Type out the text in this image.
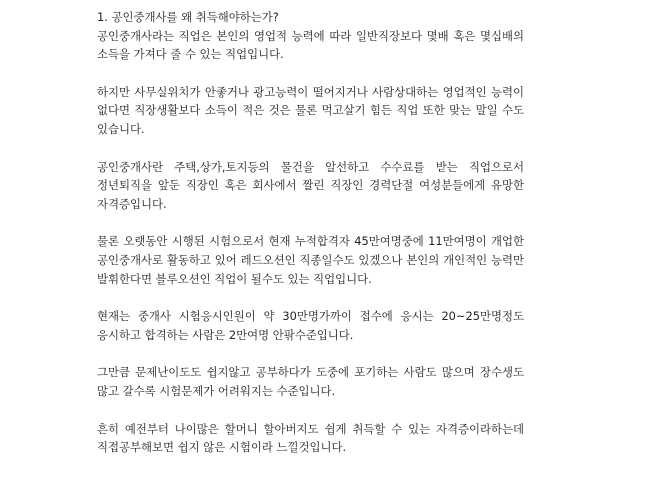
1. 공인중개사를 왜 취득해야하는가?

공인중개사라는 직업은 본인의 영업적 능력에 따라 일반직장보다 몇배 혹은 몇십배의 소득을 가져다 줄 수 있는 직업입니다.

하지만 사무실위치가 안좋거나 광고능력이 떨어지거나 사람상대하는 영업적인 능력이 없다면 직장생활보다 소득이 적은 것은 물론 먹고살기 힘든 직업 또한 맞는 말일 수도 있습니다.

공인중개사란 주택,상가,토지등의 물건을 알선하고 수수료를 받는 직업으로서 정년퇴직을 앞둔 직장인 혹은 회사에서 짤린 직장인 경력단절 여성분들에게 유망한 자격증입니다.

물론 오랫동안 시행된 시험으로서 현재 누적합격자 45만여명중에 11만여명이 개업한 공인중개사로 활동하고 있어 레드오션인 직종일수도 있겠으나 본인의 개인적인 능력만 발휘한다면 블루오션인 직업이 될수도 있는 직업입니다.

현재는 중개사 시험응시인원이 약 30만명가까이 접수에 응시는 20~25만명정도 응시하고 합격하는 사람은 2만여명 안팎수준입니다.

그만큼 문제난이도도 쉽지않고 공부하다가 도중에 포기하는 사람도 많으며 장수생도 많고 갈수록 시험문제가 어려워지는 수준입니다.

흔히 예전부터 나이많은 할머니 할아버지도 쉽게 취득할 수 있는 자격증이라하는데 직접공부해보면 쉽지 않은 시험이라 느낄것입니다.
